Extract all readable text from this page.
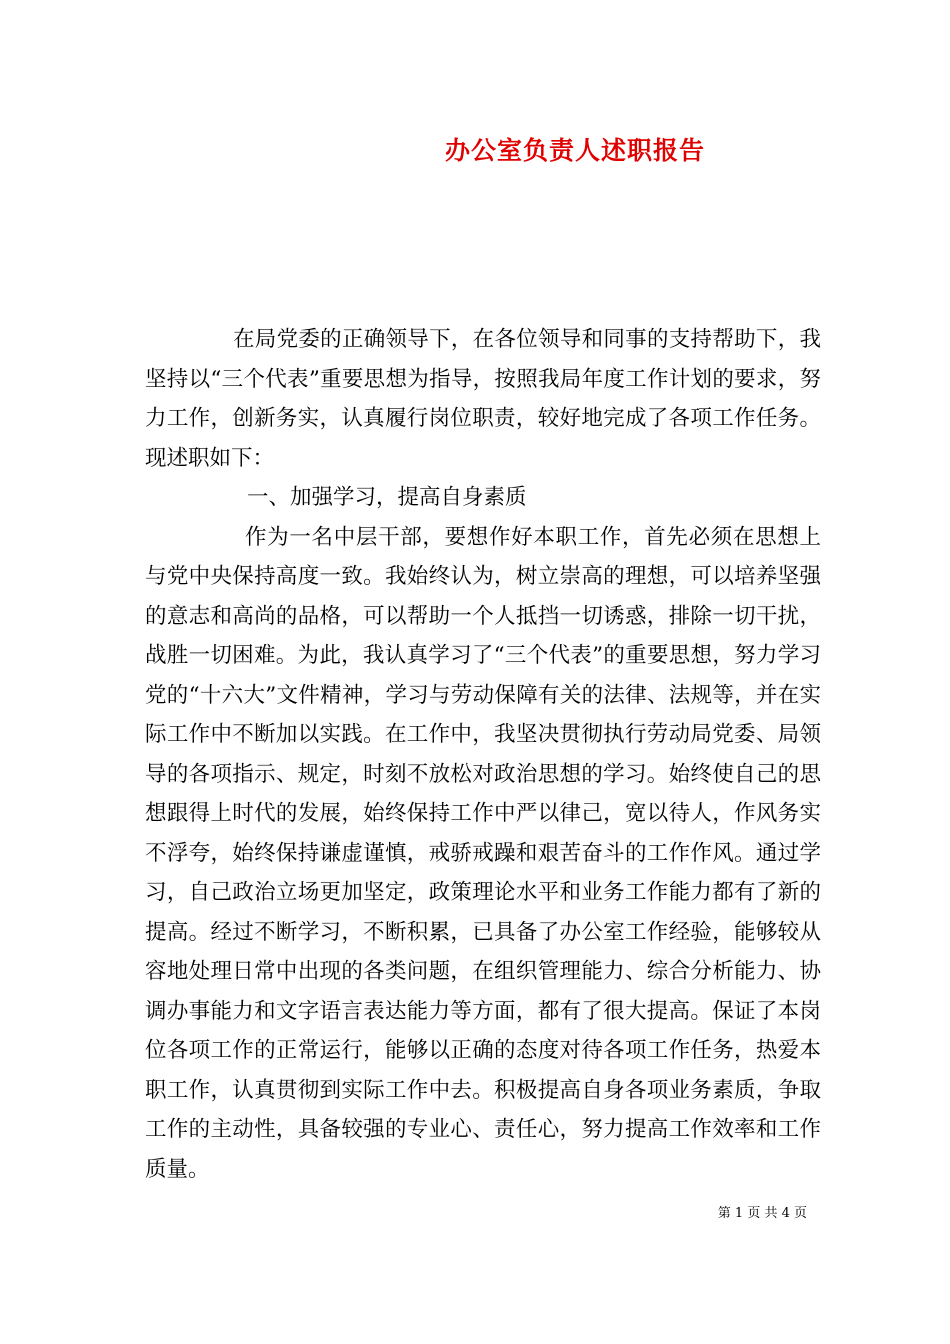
办公室负责人述职报告

在局党委的正确领导下，在各位领导和同事的支持帮助下，我坚持以“三个代表”重要思想为指导，按照我局年度工作计划的要求，努力工作，创新务实，认真履行岗位职责，较好地完成了各项工作任务。现述职如下：

一、加强学习，提高自身素质

作为一名中层干部，要想作好本职工作，首先必须在思想上与党中央保持高度一致。我始终认为，树立崇高的理想，可以培养坚强的意志和高尚的品格，可以帮助一个人抵挡一切诱惑，排除一切干扰，战胜一切困难。为此，我认真学习了“三个代表”的重要思想，努力学习党的“十六大”文件精神，学习与劳动保障有关的法律、法规等，并在实际工作中不断加以实践。在工作中，我坚决贯彻执行劳动局党委、局领导的各项指示、规定，时刻不放松对政治思想的学习。始终使自己的思想跟得上时代的发展，始终保持工作中严以律己，宽以待人，作风务实不浮夸，始终保持谦虚谨慎，戒骄戒躁和艰苦奋斗的工作作风。通过学习，自己政治立场更加坚定，政策理论水平和业务工作能力都有了新的提高。经过不断学习，不断积累，已具备了办公室工作经验，能够较从容地处理日常中出现的各类问题，在组织管理能力、综合分析能力、协调办事能力和文字语言表达能力等方面，都有了很大提高。保证了本岗位各项工作的正常运行，能够以正确的态度对待各项工作任务，热爱本职工作，认真贯彻到实际工作中去。积极提高自身各项业务素质，争取工作的主动性，具备较强的专业心、责任心，努力提高工作效率和工作质量。

第 1 页 共 4 页
